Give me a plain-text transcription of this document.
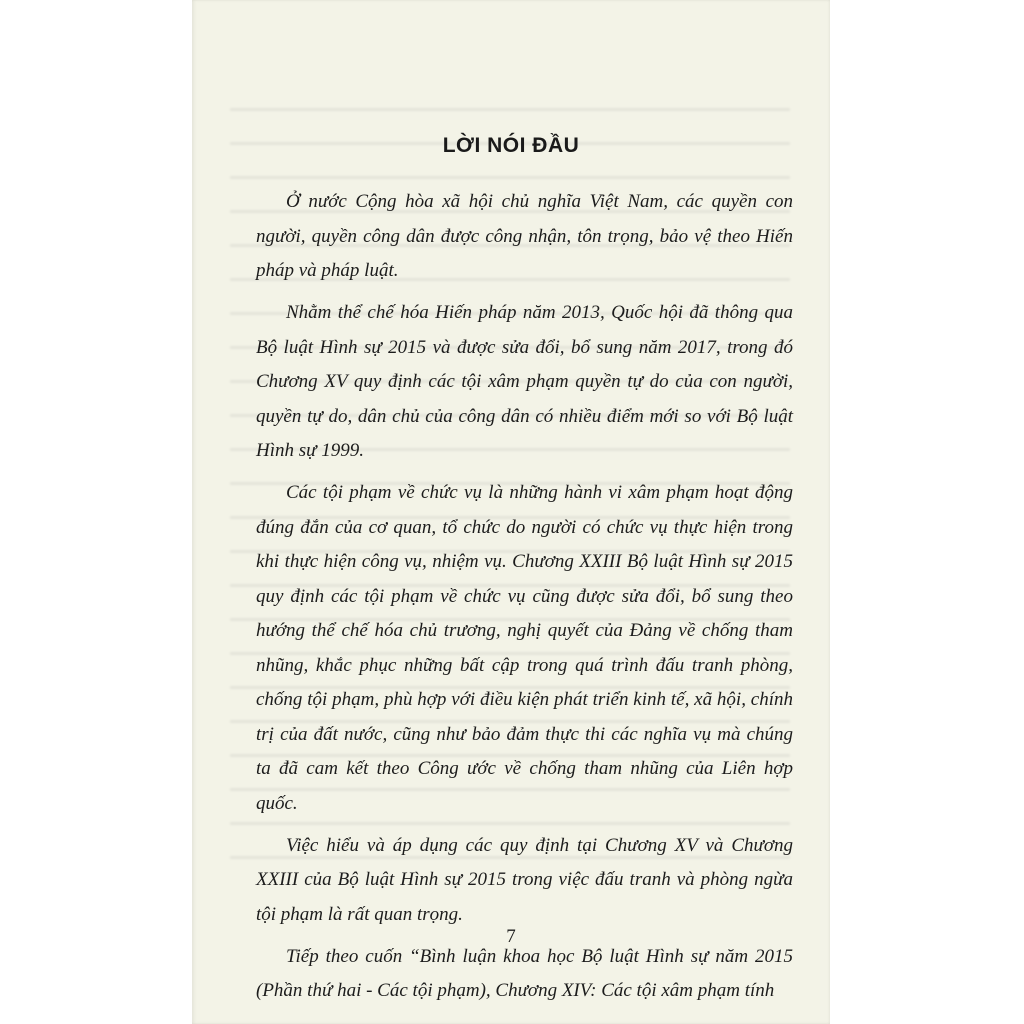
LỜI NÓI ĐẦU

Ở nước Cộng hòa xã hội chủ nghĩa Việt Nam, các quyền con người, quyền công dân được công nhận, tôn trọng, bảo vệ theo Hiến pháp và pháp luật.

Nhằm thể chế hóa Hiến pháp năm 2013, Quốc hội đã thông qua Bộ luật Hình sự 2015 và được sửa đổi, bổ sung năm 2017, trong đó Chương XV quy định các tội xâm phạm quyền tự do của con người, quyền tự do, dân chủ của công dân có nhiều điểm mới so với Bộ luật Hình sự 1999.

Các tội phạm về chức vụ là những hành vi xâm phạm hoạt động đúng đắn của cơ quan, tổ chức do người có chức vụ thực hiện trong khi thực hiện công vụ, nhiệm vụ. Chương XXIII Bộ luật Hình sự 2015 quy định các tội phạm về chức vụ cũng được sửa đổi, bổ sung theo hướng thể chế hóa chủ trương, nghị quyết của Đảng về chống tham nhũng, khắc phục những bất cập trong quá trình đấu tranh phòng, chống tội phạm, phù hợp với điều kiện phát triển kinh tế, xã hội, chính trị của đất nước, cũng như bảo đảm thực thi các nghĩa vụ mà chúng ta đã cam kết theo Công ước về chống tham nhũng của Liên hợp quốc.

Việc hiểu và áp dụng các quy định tại Chương XV và Chương XXIII của Bộ luật Hình sự 2015 trong việc đấu tranh và phòng ngừa tội phạm là rất quan trọng.

Tiếp theo cuốn “Bình luận khoa học Bộ luật Hình sự năm 2015 (Phần thứ hai - Các tội phạm), Chương XIV: Các tội xâm phạm tính

7
